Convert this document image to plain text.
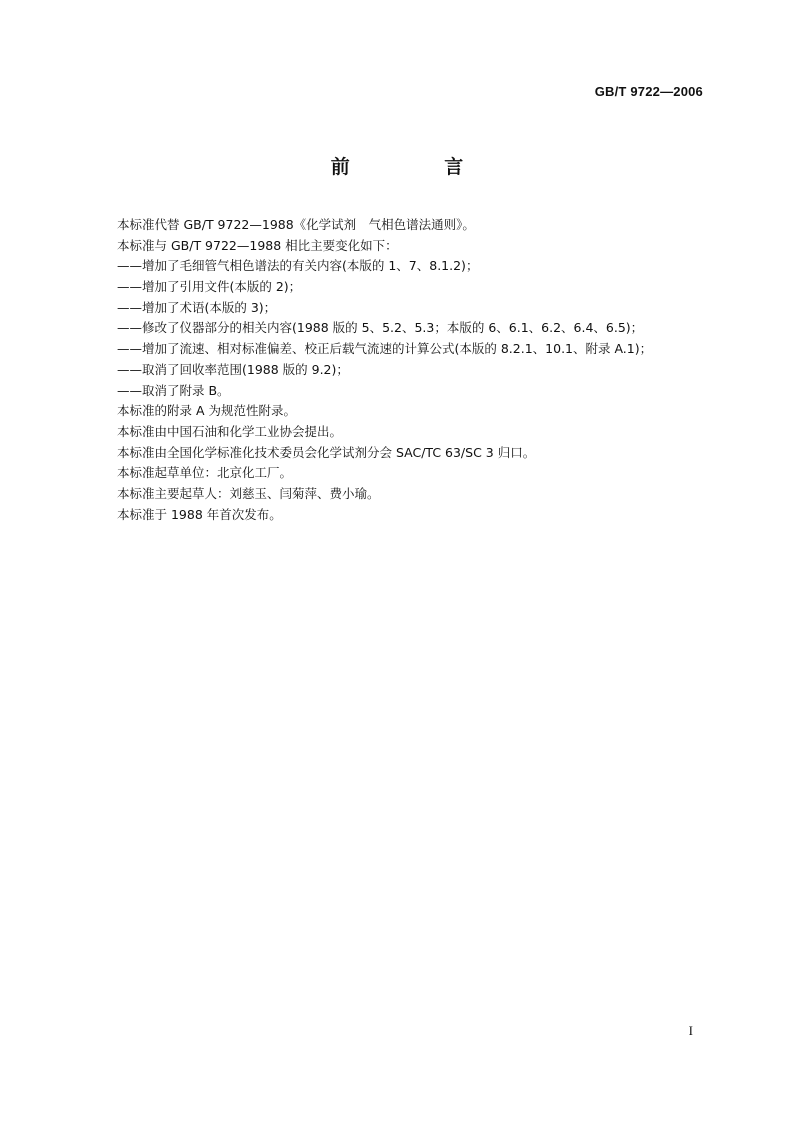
GB/T 9722—2006
前 言
本标准代替 GB/T 9722—1988《化学试剂　气相色谱法通则》。
本标准与 GB/T 9722—1988 相比主要变化如下：
——增加了毛细管气相色谱法的有关内容(本版的 1、7、8.1.2)；
——增加了引用文件(本版的 2)；
——增加了术语(本版的 3)；
——修改了仪器部分的相关内容(1988 版的 5、5.2、5.3；本版的 6、6.1、6.2、6.4、6.5)；
——增加了流速、相对标准偏差、校正后载气流速的计算公式(本版的 8.2.1、10.1、附录 A.1)；
——取消了回收率范围(1988 版的 9.2)；
——取消了附录 B。
本标准的附录 A 为规范性附录。
本标准由中国石油和化学工业协会提出。
本标准由全国化学标准化技术委员会化学试剂分会 SAC/TC 63/SC 3 归口。
本标准起草单位：北京化工厂。
本标准主要起草人：刘慈玉、闫菊萍、费小瑜。
本标准于 1988 年首次发布。
I
